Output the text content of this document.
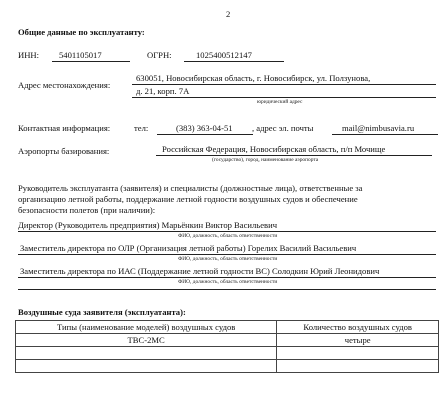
2
Общие данные по эксплуатанту:
ИНН: 5401105017	ОГРН:	1025400512147
Адрес местонахождения:
630051, Новосибирская область, г. Новосибирск, ул. Ползунова,
д. 21, корп. 7А
юридический адрес
Контактная информация:	тел:	(383) 363-04-51 , адрес эл. почты	mail@nimbusavia.ru
Аэропорты базирования:	Российская Федерация, Новосибирская область, п/п Мочище
(государство), город, наименование аэропорта
Руководитель эксплуатанта (заявителя) и специалисты (должностные лица), ответственные за
организацию летной работы, поддержание летной годности воздушных судов и обеспечение
безопасности полетов (при наличии):
Директор (Руководитель предприятия) Марьёнкин Виктор Васильевич
ФИО, должность, область ответственности
Заместитель директора по ОЛР (Организация летной работы) Горелих Василий Васильевич
ФИО, должность, область ответственности
Заместитель директора по ИАС (Поддержание летной годности ВС) Солодкин Юрий Леонидович
ФИО, должность, область ответственности
Воздушные суда заявителя (эксплуатанта):
Типы (наименование моделей) воздушных судов	Количество воздушных судов
ТВС-2МС	четыре
